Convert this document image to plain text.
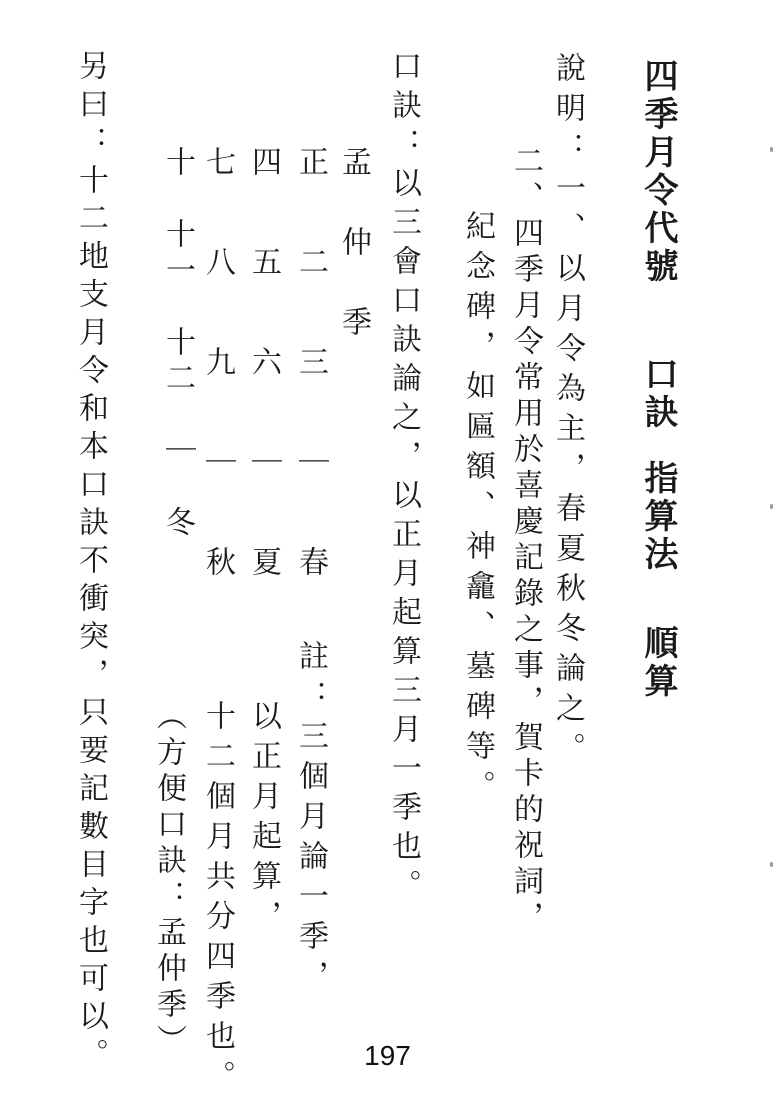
四季月令代號
口訣
指算法
順算
說明：一、以月令為主，春夏秋冬論之。
二、四季月令常用於喜慶記錄之事，賀卡的祝詞，
紀念碑，如匾額、神龕、墓碑等。
口訣：以三會口訣論之，以正月起算三月一季也。
孟　仲　季
正　二　三　｜　春
四　五　六　｜　夏
七　八　九　｜　秋
十　十一　十二　｜　冬
註：三個月論一季，
以正月起算，
十二個月共分四季也。
（方便口訣：孟仲季）
另曰：十二地支月令和本口訣不衝突，只要記數目字也可以。	197
